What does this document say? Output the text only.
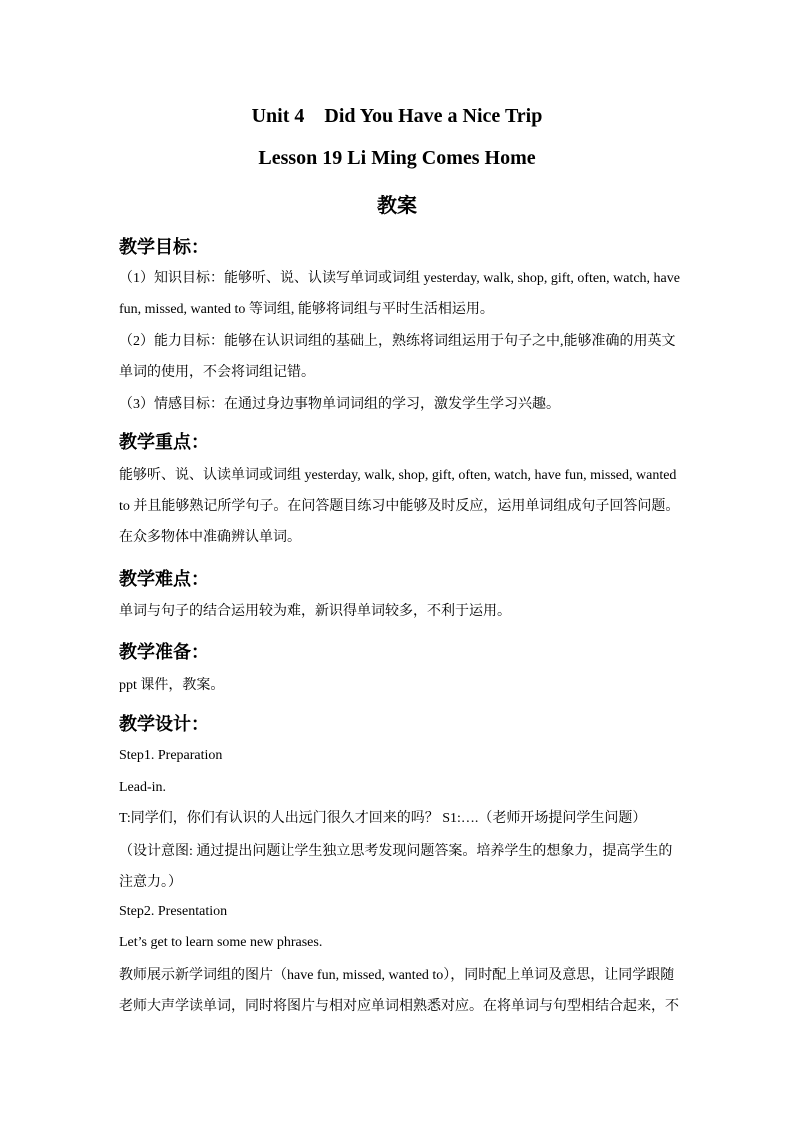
Unit 4    Did You Have a Nice Trip
Lesson 19 Li Ming Comes Home
教案
教学目标：
（1）知识目标：能够听、说、认读写单词或词组 yesterday, walk, shop, gift, often, watch, have fun, missed, wanted to 等词组, 能够将词组与平时生活相运用。
（2）能力目标：能够在认识词组的基础上，熟练将词组运用于句子之中,能够准确的用英文单词的使用，不会将词组记错。
（3）情感目标：在通过身边事物单词词组的学习，激发学生学习兴趣。
教学重点：
能够听、说、认读单词或词组 yesterday, walk, shop, gift, often, watch, have fun, missed, wanted to 并且能够熟记所学句子。在问答题目练习中能够及时反应，运用单词组成句子回答问题。在众多物体中准确辨认单词。
教学难点：
单词与句子的结合运用较为难，新识得单词较多，不利于运用。
教学准备：
ppt 课件，教案。
教学设计：
Step1. Preparation
Lead-in.
T:同学们，你们有认识的人出远门很久才回来的吗？ S1:….（老师开场提问学生问题）
（设计意图: 通过提出问题让学生独立思考发现问题答案。培养学生的想象力，提高学生的注意力。）
Step2. Presentation
Let’s get to learn some new phrases.
教师展示新学词组的图片（have fun, missed, wanted to），同时配上单词及意思，让同学跟随老师大声学读单词，同时将图片与相对应单词相熟悉对应。在将单词与句型相结合起来，不
